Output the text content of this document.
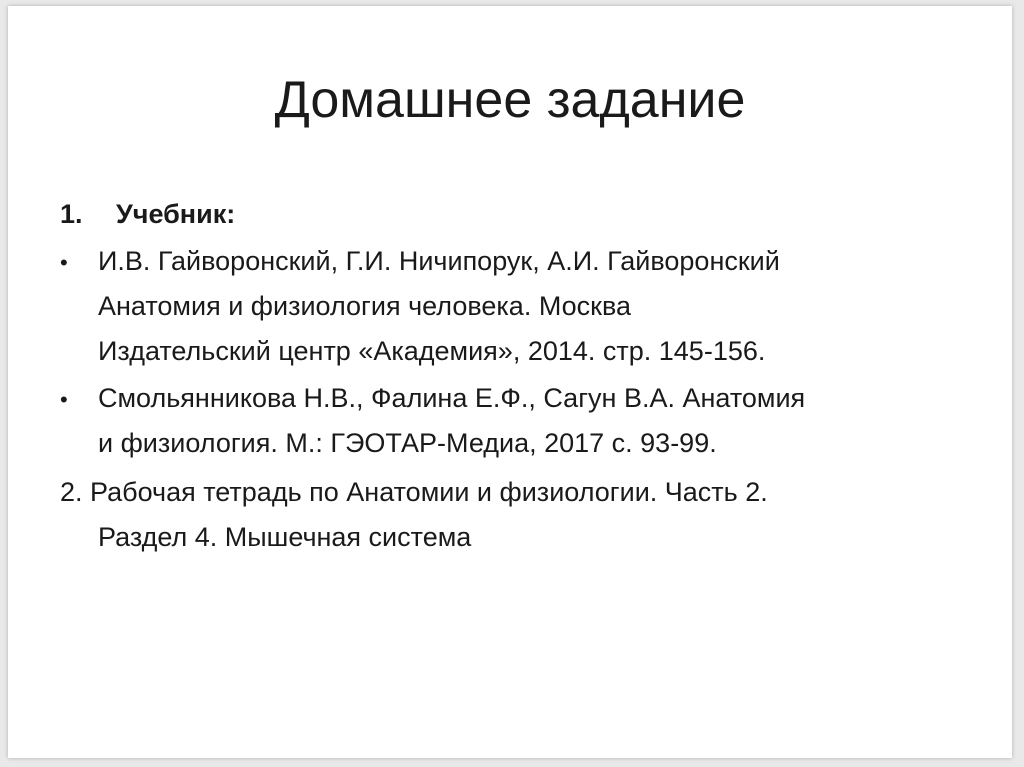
Домашнее задание
1.	Учебник:
•	И.В. Гайворонский, Г.И. Ничипорук, А.И. Гайворонский
Анатомия и физиология человека. Москва
Издательский центр «Академия», 2014. стр. 145-156.
•	Смольянникова Н.В., Фалина Е.Ф., Сагун В.А. Анатомия
и физиология. М.: ГЭОТАР-Медиа, 2017 с. 93-99.
2. Рабочая тетрадь по Анатомии и физиологии. Часть 2.
Раздел 4. Мышечная система
